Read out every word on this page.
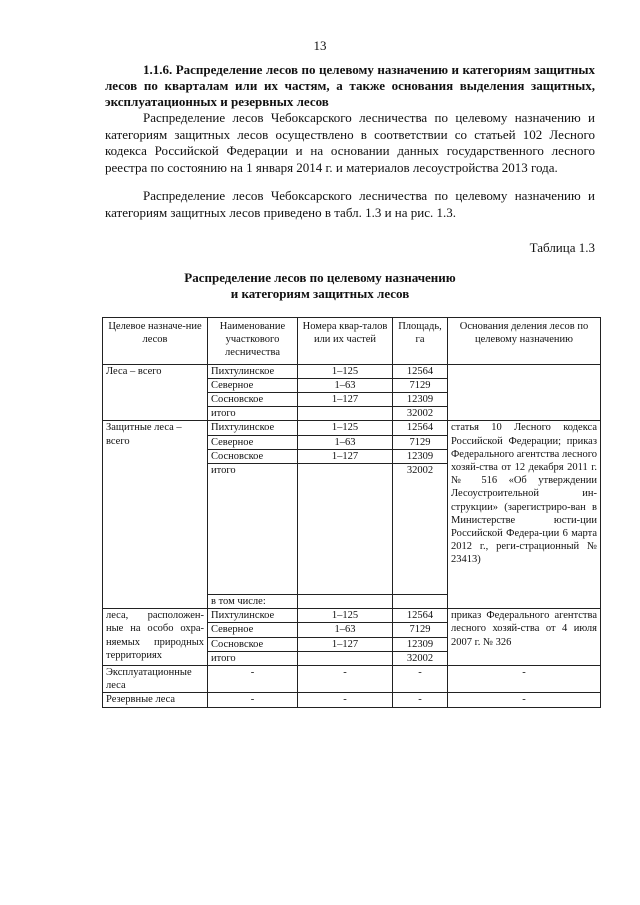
13
1.1.6. Распределение лесов по целевому назначению и категориям защитных лесов по кварталам или их частям, а также основания выделения защитных, эксплуатационных и резервных лесов
Распределение лесов Чебоксарского лесничества по целевому назначению и категориям защитных лесов осуществлено в соответствии со статьей 102 Лесного кодекса Российской Федерации и на основании данных государственного лесного реестра по состоянию на 1 января 2014 г. и материалов лесоустройства 2013 года.
Распределение лесов Чебоксарского лесничества по целевому назначению и категориям защитных лесов приведено в табл. 1.3 и на рис. 1.3.
Таблица 1.3
Распределение лесов по целевому назначению
и категориям защитных лесов
Целевое назначе-ние лесов	Наименование участкового лесничества	Номера квар-талов или их частей	Площадь, га	Основания деления лесов по целевому назначению	
Леса – всего	Пихтулинское	1–125	12564		
	Северное	1–63	7129		
	Сосновское	1–127	12309		
	итого		32002		
Защитные леса – всего	Пихтулинское	1–125	12564	статья 10 Лесного кодекса Российской Федерации; приказ Федерального агентства лесного хозяй-ства от 12 декабря 2011 г. № 516 «Об утверждении Лесоустроительной ин-струкции» (зарегистриро-ван в Министерстве юсти-ции Российской Федера-ции 6 марта 2012 г., реги-страционный № 23413)	
	Северное	1–63	7129		
	Сосновское	1–127	12309		
	итого		32002		
	в том числе:				
леса, расположен-ные на особо охра-няемых природных территориях	Пихтулинское	1–125	12564	приказ Федерального агентства лесного хозяй-ства от 4 июля 2007 г. № 326	
	Северное	1–63	7129		
	Сосновское	1–127	12309		
	итого		32002		
Эксплуатационные леса	-	-	-	-	
Резервные леса	-	-	-	-	
